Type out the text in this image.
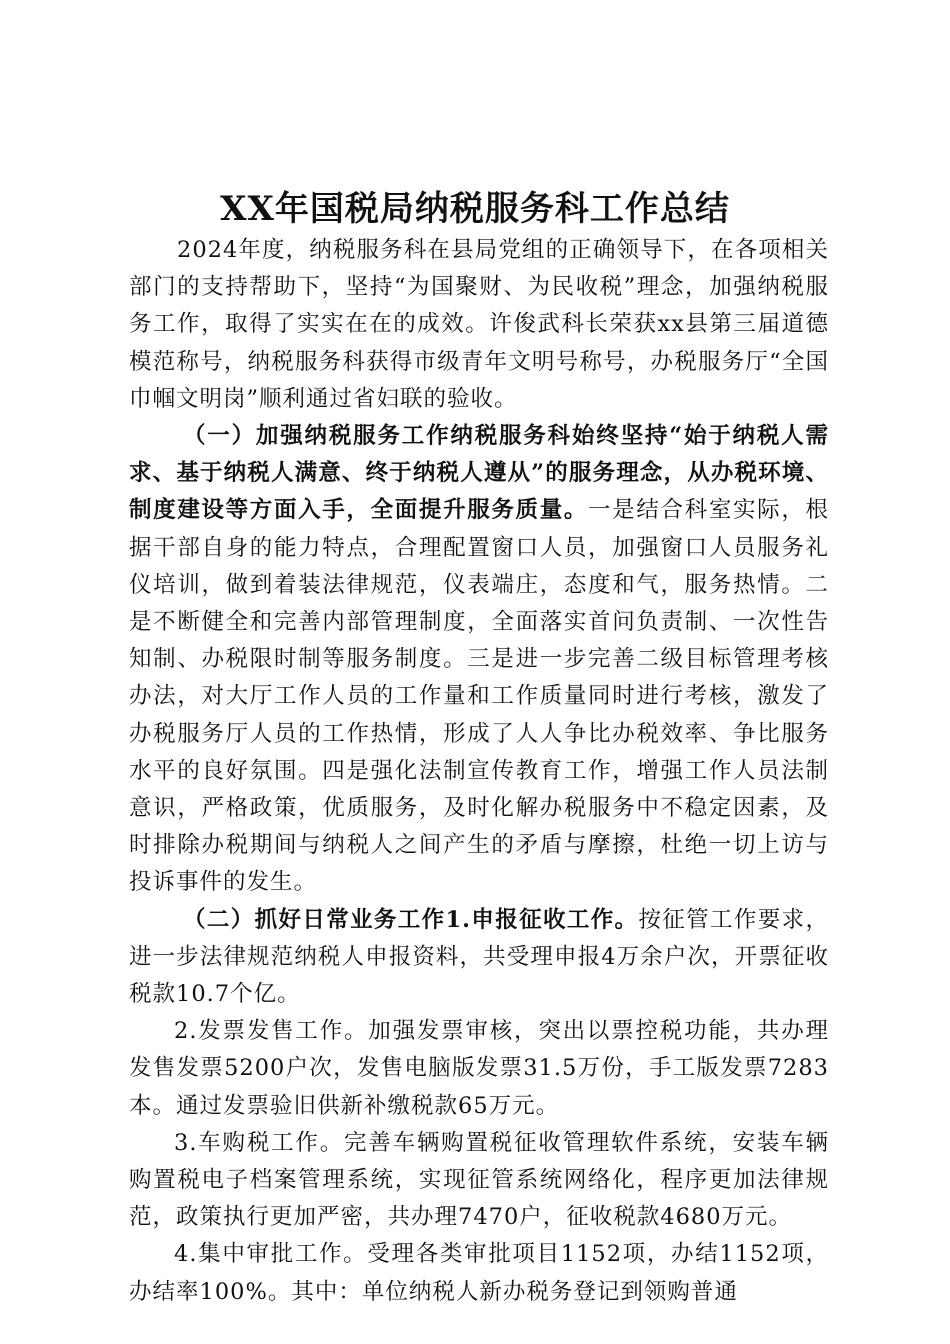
XX年国税局纳税服务科工作总结

2024年度，纳税服务科在县局党组的正确领导下，在各项相关部门的支持帮助下，坚持“为国聚财、为民收税”理念，加强纳税服务工作，取得了实实在在的成效。许俊武科长荣获xx县第三届道德模范称号，纳税服务科获得市级青年文明号称号，办税服务厅“全国巾帼文明岗”顺利通过省妇联的验收。

（一）加强纳税服务工作纳税服务科始终坚持“始于纳税人需求、基于纳税人满意、终于纳税人遵从”的服务理念，从办税环境、制度建设等方面入手，全面提升服务质量。一是结合科室实际，根据干部自身的能力特点，合理配置窗口人员，加强窗口人员服务礼仪培训，做到着装法律规范，仪表端庄，态度和气，服务热情。二是不断健全和完善内部管理制度，全面落实首问负责制、一次性告知制、办税限时制等服务制度。三是进一步完善二级目标管理考核办法，对大厅工作人员的工作量和工作质量同时进行考核，激发了办税服务厅人员的工作热情，形成了人人争比办税效率、争比服务水平的良好氛围。四是强化法制宣传教育工作，增强工作人员法制意识，严格政策，优质服务，及时化解办税服务中不稳定因素，及时排除办税期间与纳税人之间产生的矛盾与摩擦，杜绝一切上访与投诉事件的发生。

（二）抓好日常业务工作1.申报征收工作。按征管工作要求，进一步法律规范纳税人申报资料，共受理申报4万余户次，开票征收税款10.7个亿。

2.发票发售工作。加强发票审核，突出以票控税功能，共办理发售发票5200户次，发售电脑版发票31.5万份，手工版发票7283本。通过发票验旧供新补缴税款65万元。

3.车购税工作。完善车辆购置税征收管理软件系统，安装车辆购置税电子档案管理系统，实现征管系统网络化，程序更加法律规范，政策执行更加严密，共办理7470户，征收税款4680万元。

4.集中审批工作。受理各类审批项目1152项，办结1152项，办结率100%。其中：单位纳税人新办税务登记到领购普通
